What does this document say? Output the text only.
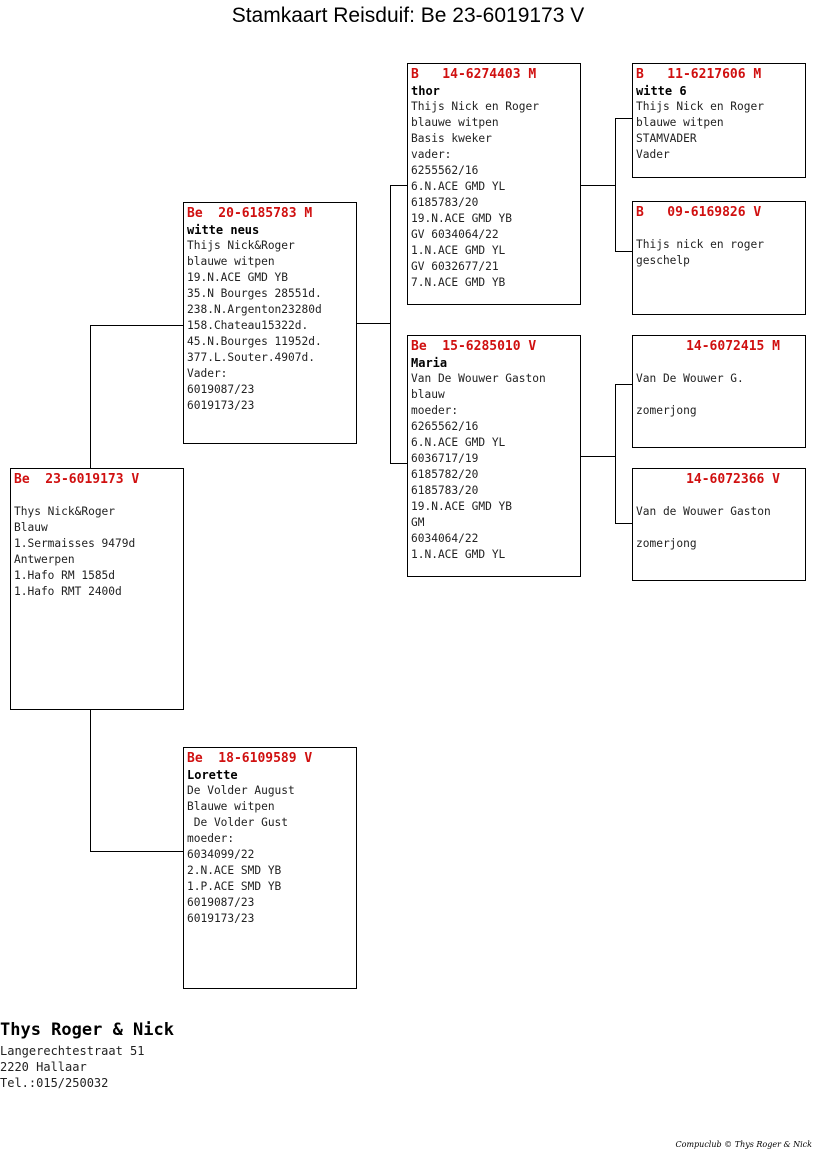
Stamkaart Reisduif: Be 23-6019173 V
Be  23-6019173 V
Thys Nick&Roger
Blauw
1.Sermaisses 9479d
Antwerpen
1.Hafo RM 1585d
1.Hafo RMT 2400d
Be  20-6185783 M
witte neus
Thijs Nick&Roger
blauwe witpen
19.N.ACE GMD YB
35.N Bourges 28551d.
238.N.Argenton23280d
158.Chateau15322d.
45.N.Bourges 11952d.
377.L.Souter.4907d.
Vader:
6019087/23
6019173/23
Be  18-6109589 V
Lorette
De Volder August
Blauwe witpen
De Volder Gust
moeder:
6034099/22
2.N.ACE SMD YB
1.P.ACE SMD YB
6019087/23
6019173/23
B   14-6274403 M
thor
Thijs Nick en Roger
blauwe witpen
Basis kweker
vader:
6255562/16
6.N.ACE GMD YL
6185783/20
19.N.ACE GMD YB
GV 6034064/22
1.N.ACE GMD YL
GV 6032677/21
7.N.ACE GMD YB
Be  15-6285010 V
Maria
Van De Wouwer Gaston
blauw
moeder:
6265562/16
6.N.ACE GMD YL
6036717/19
6185782/20
6185783/20
19.N.ACE GMD YB
GM
6034064/22
1.N.ACE GMD YL
B   11-6217606 M
witte 6
Thijs Nick en Roger
blauwe witpen
STAMVADER
Vader
B   09-6169826 V
Thijs nick en roger
geschelp
14-6072415 M
Van De Wouwer G.
zomerjong
14-6072366 V
Van de Wouwer Gaston
zomerjong
Thys Roger & Nick
Langerechtestraat 51
2220 Hallaar
Tel.:015/250032
Compuclub © Thys Roger & Nick
